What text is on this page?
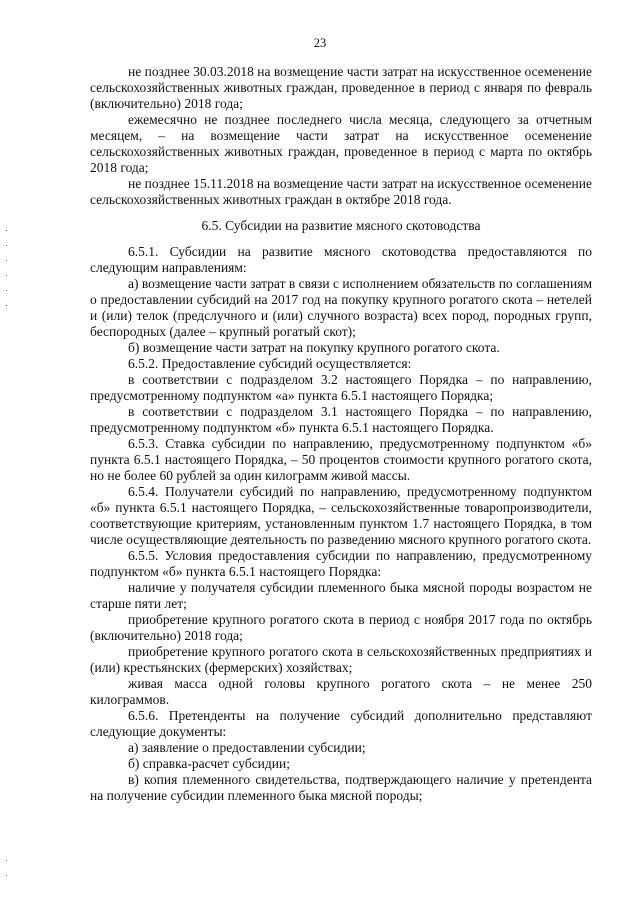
23

не позднее 30.03.2018 на возмещение части затрат на искусственное осеменение сельскохозяйственных животных граждан, проведенное в период с января по февраль (включительно) 2018 года;

ежемесячно не позднее последнего числа месяца, следующего за отчетным месяцем, – на возмещение части затрат на искусственное осеменение сельскохозяйственных животных граждан, проведенное в период с марта по октябрь 2018 года;

не позднее 15.11.2018 на возмещение части затрат на искусственное осеменение сельскохозяйственных животных граждан в октябре 2018 года.

6.5. Субсидии на развитие мясного скотоводства

6.5.1. Субсидии на развитие мясного скотоводства предоставляются по следующим направлениям:

а) возмещение части затрат в связи с исполнением обязательств по соглашениям о предоставлении субсидий на 2017 год на покупку крупного рогатого скота – нетелей и (или) телок (предслучного и (или) случного возраста) всех пород, породных групп, беспородных (далее – крупный рогатый скот);

б) возмещение части затрат на покупку крупного рогатого скота.

6.5.2. Предоставление субсидий осуществляется:

в соответствии с подразделом 3.2 настоящего Порядка – по направлению, предусмотренному подпунктом «а» пункта 6.5.1 настоящего Порядка;

в соответствии с подразделом 3.1 настоящего Порядка – по направлению, предусмотренному подпунктом «б» пункта 6.5.1 настоящего Порядка.

6.5.3. Ставка субсидии по направлению, предусмотренному подпунктом «б» пункта 6.5.1 настоящего Порядка, – 50 процентов стоимости крупного рогатого скота, но не более 60 рублей за один килограмм живой массы.

6.5.4. Получатели субсидий по направлению, предусмотренному подпунктом «б» пункта 6.5.1 настоящего Порядка, – сельскохозяйственные товаропроизводители, соответствующие критериям, установленным пунктом 1.7 настоящего Порядка, в том числе осуществляющие деятельность по разведению мясного крупного рогатого скота.

6.5.5. Условия предоставления субсидии по направлению, предусмотренному подпунктом «б» пункта 6.5.1 настоящего Порядка:

наличие у получателя субсидии племенного быка мясной породы возрастом не старше пяти лет;

приобретение крупного рогатого скота в период с ноября 2017 года по октябрь (включительно) 2018 года;

приобретение крупного рогатого скота в сельскохозяйственных предприятиях и (или) крестьянских (фермерских) хозяйствах;

живая масса одной головы крупного рогатого скота – не менее 250 килограммов.

6.5.6. Претенденты на получение субсидий дополнительно представляют следующие документы:

а) заявление о предоставлении субсидии;

б) справка-расчет субсидии;

в) копия племенного свидетельства, подтверждающего наличие у претендента на получение субсидии племенного быка мясной породы;
